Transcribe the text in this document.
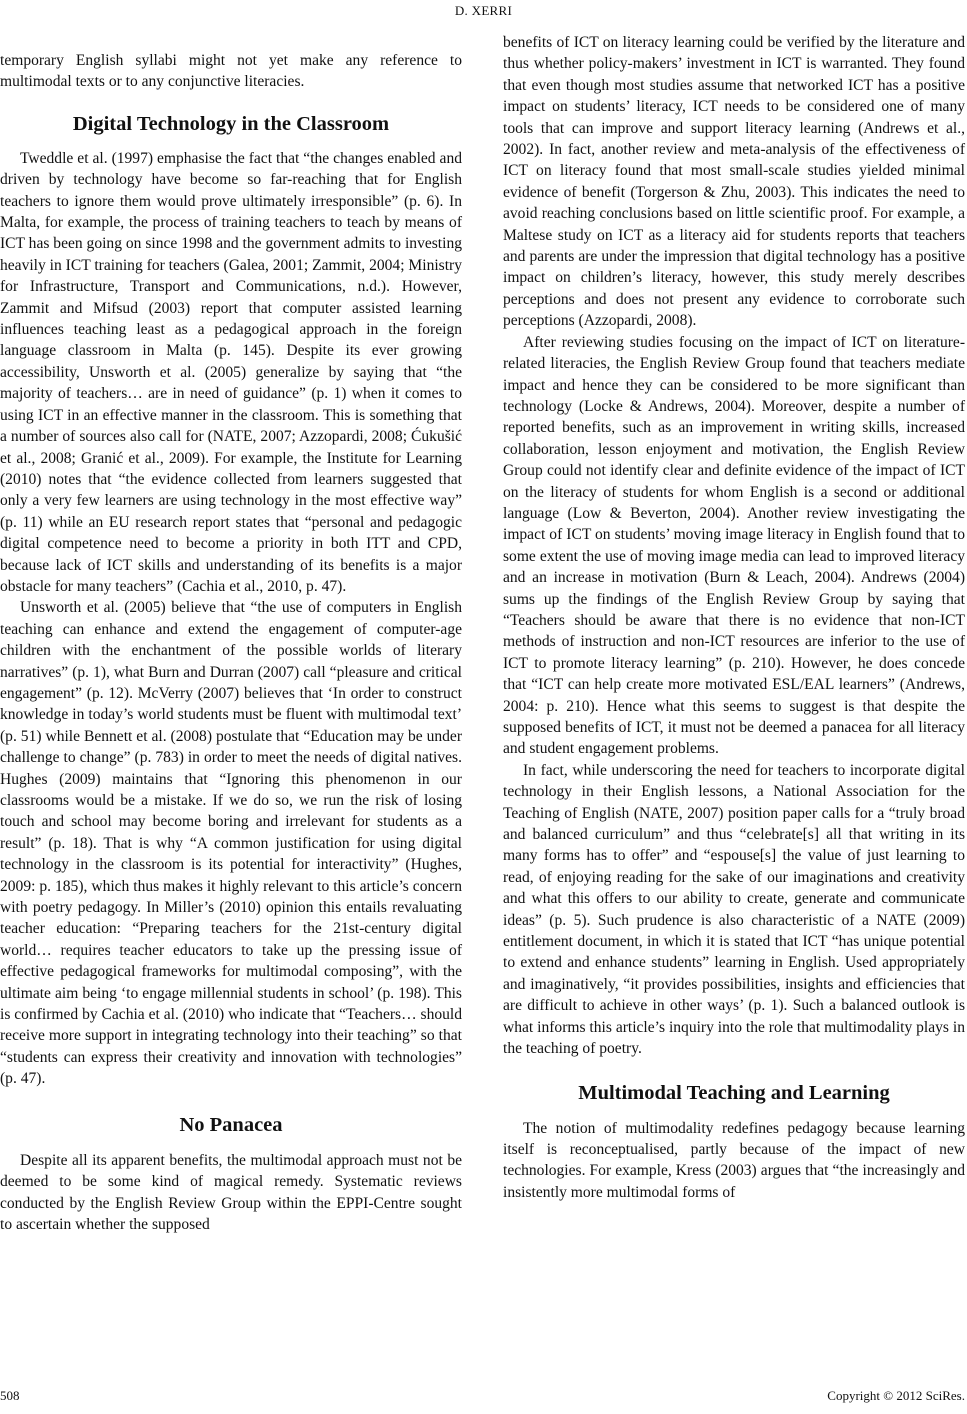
D. XERRI

temporary English syllabi might not yet make any reference to multimodal texts or to any conjunctive literacies.

Digital Technology in the Classroom

Tweddle et al. (1997) emphasise the fact that “the changes enabled and driven by technology have become so far-reaching that for English teachers to ignore them would prove ultimately irresponsible” (p. 6). In Malta, for example, the process of training teachers to teach by means of ICT has been going on since 1998 and the government admits to investing heavily in ICT training for teachers (Galea, 2001; Zammit, 2004; Ministry for Infrastructure, Transport and Communications, n.d.). However, Zammit and Mifsud (2003) report that computer assisted learning influences teaching least as a pedagogical approach in the foreign language classroom in Malta (p. 145). Despite its ever growing accessibility, Unsworth et al. (2005) generalize by saying that “the majority of teachers… are in need of guidance” (p. 1) when it comes to using ICT in an effective manner in the classroom. This is something that a number of sources also call for (NATE, 2007; Azzopardi, 2008; Ćukušić et al., 2008; Granić et al., 2009). For example, the Institute for Learning (2010) notes that “the evidence collected from learners suggested that only a very few learners are using technology in the most effective way” (p. 11) while an EU research report states that “personal and pedagogic digital competence need to become a priority in both ITT and CPD, because lack of ICT skills and understanding of its benefits is a major obstacle for many teachers” (Cachia et al., 2010, p. 47).

Unsworth et al. (2005) believe that “the use of computers in English teaching can enhance and extend the engagement of computer-age children with the enchantment of the possible worlds of literary narratives” (p. 1), what Burn and Durran (2007) call “pleasure and critical engagement” (p. 12). McVerry (2007) believes that ‘In order to construct knowledge in today’s world students must be fluent with multimodal text’ (p. 51) while Bennett et al. (2008) postulate that “Education may be under challenge to change” (p. 783) in order to meet the needs of digital natives. Hughes (2009) maintains that “Ignoring this phenomenon in our classrooms would be a mistake. If we do so, we run the risk of losing touch and school may become boring and irrelevant for students as a result” (p. 18). That is why “A common justification for using digital technology in the classroom is its potential for interactivity” (Hughes, 2009: p. 185), which thus makes it highly relevant to this article’s concern with poetry pedagogy. In Miller’s (2010) opinion this entails revaluating teacher education: “Preparing teachers for the 21st-century digital world… requires teacher educators to take up the pressing issue of effective pedagogical frameworks for multimodal composing”, with the ultimate aim being ‘to engage millennial students in school’ (p. 198). This is confirmed by Cachia et al. (2010) who indicate that “Teachers… should receive more support in integrating technology into their teaching” so that “students can express their creativity and innovation with technologies” (p. 47).

No Panacea

Despite all its apparent benefits, the multimodal approach must not be deemed to be some kind of magical remedy. Systematic reviews conducted by the English Review Group within the EPPI-Centre sought to ascertain whether the supposed

benefits of ICT on literacy learning could be verified by the literature and thus whether policy-makers’ investment in ICT is warranted. They found that even though most studies assume that networked ICT has a positive impact on students’ literacy, ICT needs to be considered one of many tools that can improve and support literacy learning (Andrews et al., 2002). In fact, another review and meta-analysis of the effectiveness of ICT on literacy found that most small-scale studies yielded minimal evidence of benefit (Torgerson & Zhu, 2003). This indicates the need to avoid reaching conclusions based on little scientific proof. For example, a Maltese study on ICT as a literacy aid for students reports that teachers and parents are under the impression that digital technology has a positive impact on children’s literacy, however, this study merely describes perceptions and does not present any evidence to corroborate such perceptions (Azzopardi, 2008).

After reviewing studies focusing on the impact of ICT on literature-related literacies, the English Review Group found that teachers mediate impact and hence they can be considered to be more significant than technology (Locke & Andrews, 2004). Moreover, despite a number of reported benefits, such as an improvement in writing skills, increased collaboration, lesson enjoyment and motivation, the English Review Group could not identify clear and definite evidence of the impact of ICT on the literacy of students for whom English is a second or additional language (Low & Beverton, 2004). Another review investigating the impact of ICT on students’ moving image literacy in English found that to some extent the use of moving image media can lead to improved literacy and an increase in motivation (Burn & Leach, 2004). Andrews (2004) sums up the findings of the English Review Group by saying that “Teachers should be aware that there is no evidence that non-ICT methods of instruction and non-ICT resources are inferior to the use of ICT to promote literacy learning” (p. 210). However, he does concede that “ICT can help create more motivated ESL/EAL learners” (Andrews, 2004: p. 210). Hence what this seems to suggest is that despite the supposed benefits of ICT, it must not be deemed a panacea for all literacy and student engagement problems.

In fact, while underscoring the need for teachers to incorporate digital technology in their English lessons, a National Association for the Teaching of English (NATE, 2007) position paper calls for a “truly broad and balanced curriculum” and thus “celebrate[s] all that writing in its many forms has to offer” and “espouse[s] the value of just learning to read, of enjoying reading for the sake of our imaginations and creativity and what this offers to our ability to create, generate and communicate ideas” (p. 5). Such prudence is also characteristic of a NATE (2009) entitlement document, in which it is stated that ICT “has unique potential to extend and enhance students” learning in English. Used appropriately and imaginatively, “it provides possibilities, insights and efficiencies that are difficult to achieve in other ways’ (p. 1). Such a balanced outlook is what informs this article’s inquiry into the role that multimodality plays in the teaching of poetry.

Multimodal Teaching and Learning

The notion of multimodality redefines pedagogy because learning itself is reconceptualised, partly because of the impact of new technologies. For example, Kress (2003) argues that “the increasingly and insistently more multimodal forms of

508	Copyright © 2012 SciRes.
